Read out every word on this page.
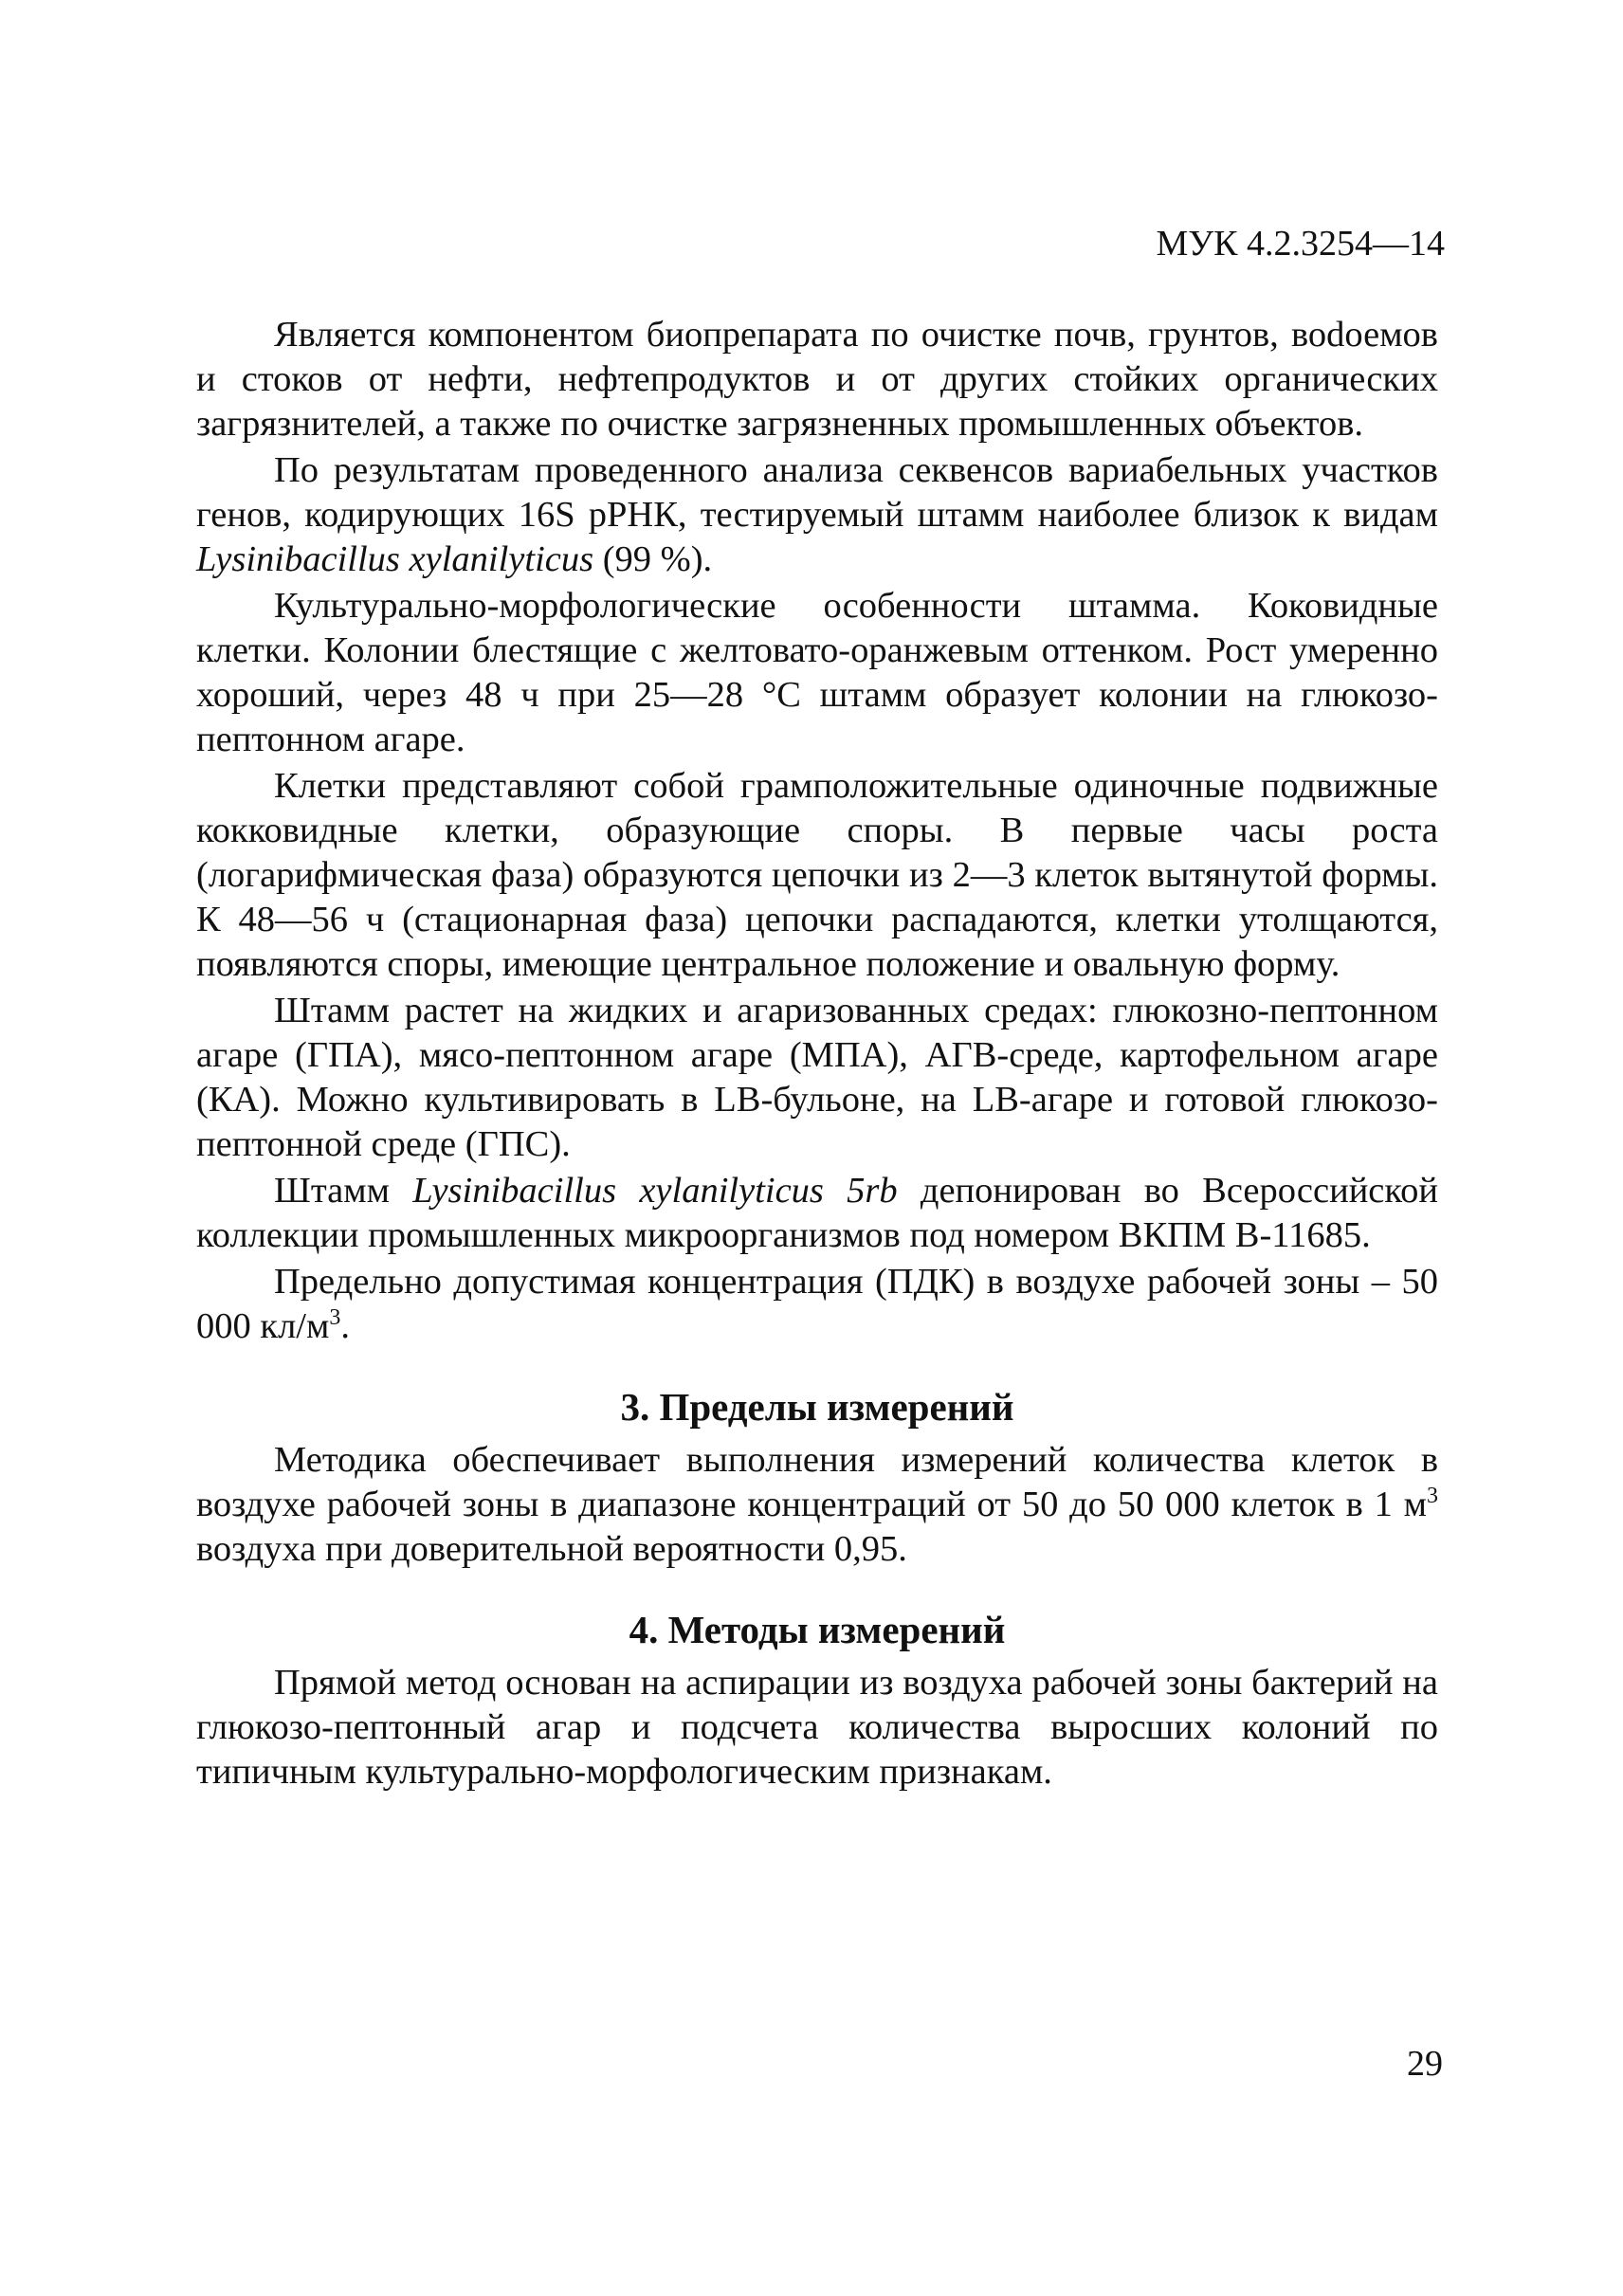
МУК 4.2.3254—14

Является компонентом биопрепарата по очистке почв, грунтов, воdоемов и стоков от нефти, нефтепродуктов и от других стойких органических загрязнителей, а также по очистке загрязненных промышленных объектов.

По результатам проведенного анализа секвенсов вариабельных участков генов, кодирующих 16S рРНК, тестируемый штамм наиболее близок к видам Lysinibacillus xylanilyticus (99 %).

Культурально-морфологические особенности штамма. Коковидные клетки. Колонии блестящие с желтовато-оранжевым оттенком. Рост умеренно хороший, через 48 ч при 25—28 °С штамм образует колонии на глюкозо-пептонном агаре.

Клетки представляют собой грамположительные одиночные подвижные кокковидные клетки, образующие споры. В первые часы роста (логарифмическая фаза) образуются цепочки из 2—3 клеток вытянутой формы. К 48—56 ч (стационарная фаза) цепочки распадаются, клетки утолщаются, появляются споры, имеющие центральное положение и овальную форму.

Штамм растет на жидких и агаризованных средах: глюкозно-пептонном агаре (ГПА), мясо-пептонном агаре (МПА), АГВ-среде, картофельном агаре (КА). Можно культивировать в LB-бульоне, на LB-агаре и готовой глюкозо-пептонной среде (ГПС).

Штамм Lysinibacillus xylanilyticus 5rb депонирован во Всероссийской коллекции промышленных микроорганизмов под номером ВКПМ В-11685.

Предельно допустимая концентрация (ПДК) в воздухе рабочей зоны – 50 000 $кл/м^3$.

3. Пределы измерений

Методика обеспечивает выполнения измерений количества клеток в воздухе рабочей зоны в диапазоне концентраций от 50 до 50 000 клеток в 1 $м^3$ воздуха при доверительной вероятности 0,95.

4. Методы измерений

Прямой метод основан на аспирации из воздуха рабочей зоны бактерий на глюкозо-пептонный агар и подсчета количества выросших колоний по типичным культурально-морфологическим признакам.

29
